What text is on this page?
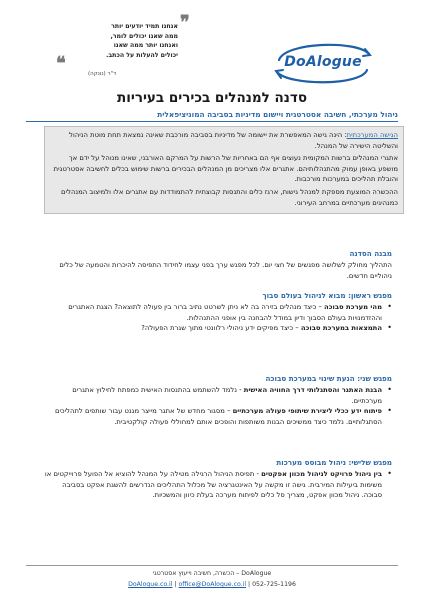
❞
אנחנו תמיד יודעים יותר
ממה שאנו יכולים לומר,
ואנחנו יותר ממה שאנו
יכולים להעלות על הכתב.
❝	ד"ר (נונקה)
DoAlogue
סדנה למנהלים בכירים בעיריות
ניהול מערכתי, חשיבה אסטרטגית ויישום מדיניות בסביבה המוניציפאלית

הגישה המערכתית: הינה גישה המאפשרת את יישומה של מדיניות בסביבה מורכבת שאינה נמצאת תחת מוטת הניהול והשליטה הישירה של המנהל.

אתגרי המנהלים ברשות המקומית נעוצים אף הם באחריות של הרשות על המרקם האורבני, שאינו מנוהל על ידם אך מושפע באופן עמוק מהתנהלותיהם. אתגרים אלו מצריכים מן המנהלים הבכירים ברשות שימוש בכלים לחשיבה אסטרטגית והובלת תהליכים במערכות מורכבות.

ההכשרה המוצעת מספקת למנהל גישות, ארגז כלים והתנסות קבוצתית להתמודדות עם אתגרים אלו ולמיצוב המנהלים כמנהיגים מערכתיים במרחב העירוני.

מבנה הסדנה

התהליך מחולק לשלושה מפגשים של חצי יום. לכל מפגש ערך בפני עצמו לחידוד התפיסה להיכרות והטמעה של כלים ניהוליים חדשים.

מפגש ראשון: מבוא לניהול בעולם סבוך

• מהי מערכת סבוכה – כיצד מנהלים בזירה בה לא ניתן לשרטט נתיב ברור בין פעולה לתוצאה? הצגת האתגרים וההזדמנויות בעולם הסבוך ודיון במודל להבחנה בין אופני ההתנהלות.

• התמצאות במערכת סבוכה – כיצד מפיקים ידע ניהולי רלוונטי מתוך שגרת הפעולה?

מפגש שני: הנעת שינוי במערכת סבוכה

• הבנת האתגר והסתגלותי דרך החוויה האישית - נלמד להשתמש בהתנסות האישית כמפתח לחילוץ אתגרים מערכתיים.

• פיתוח ידע ככלי ליצירת שיתופי פעולה מערכתיים – מסגור מחדש של אתגר מייצר מגנט עבור שותפים לתהליכים הסתגלותיים. נלמד כיצד ממשיכים הבנות משותפות והופכים אותם למחוללי פעולה קולקטיבית.

מפגש שלישי: ניהול מבוסס מערכות

• בין ניהול פרויקט לניהול מכוון אפקטים - תפיסת הניהול הרגילה מטילה על המנהל להוציא אל הפועל פרוייקטים או משימות ביעילות המירבית. גישה זו מקשה על האינטגרציה של מכלול התהליכים הנדרשים להשגת אפקט בסביבה סבוכה. ניהול מכוון אפקט, מצריך סל כלים לפיתוח מערכה בעלת כיוון והמשכיות.

DoAlogue – הכשרה, חשיבה וייעוץ אסטרטגי
052-725-1196 | DoAlogue.co.il | office@DoAlogue.co.il
